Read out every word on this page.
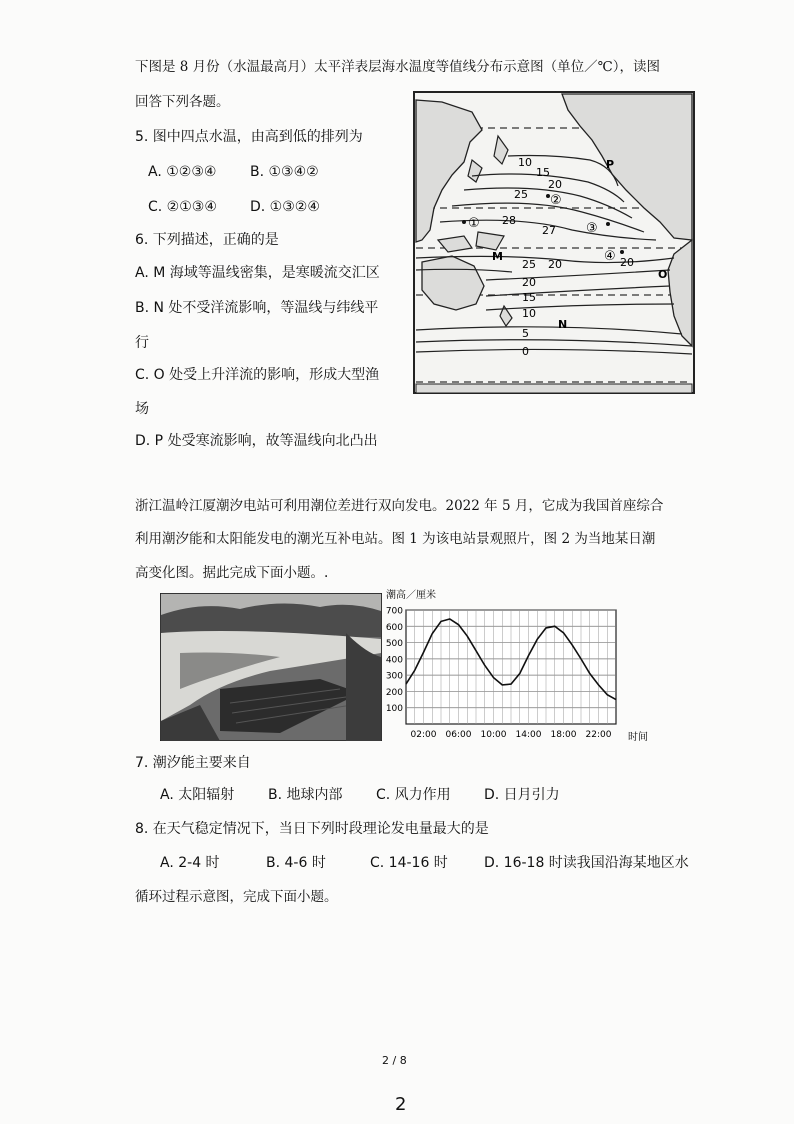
下图是 8 月份（水温最高月）太平洋表层海水温度等值线分布示意图（单位／℃），读图
回答下列各题。
5. 图中四点水温，由高到低的排列为
A. ①②③④ B. ①③④②
C. ②①③④ D. ①③②④
6. 下列描述，正确的是
A. M 海域等温线密集，是寒暖流交汇区
B. N 处不受洋流影响，等温线与纬线平
行
C. O 处受上升洋流的影响，形成大型渔
场
D. P 处受寒流影响，故等温线向北凸出
10
15
20
25
28
27
25 20
20
15
10
5
0
20
①
②
③
④
M
N
O
P
浙江温岭江厦潮汐电站可利用潮位差进行双向发电。2022 年 5 月，它成为我国首座综合
利用潮汐能和太阳能发电的潮光互补电站。图 1 为该电站景观照片，图 2 为当地某日潮
高变化图。据此完成下面小题。.
潮高／厘米
100
200
300
400
500
600
700
02:00 06:00 10:00 14:00 18:00 22:00 时间
7. 潮汐能主要来自
A. 太阳辐射 B. 地球内部 C. 风力作用 D. 日月引力
8. 在天气稳定情况下，当日下列时段理论发电量最大的是
A. 2-4 时	B. 4-6 时	C. 14-16 时	D. 16-18 时读我国沿海某地区水
循环过程示意图，完成下面小题。
2 / 8
2
